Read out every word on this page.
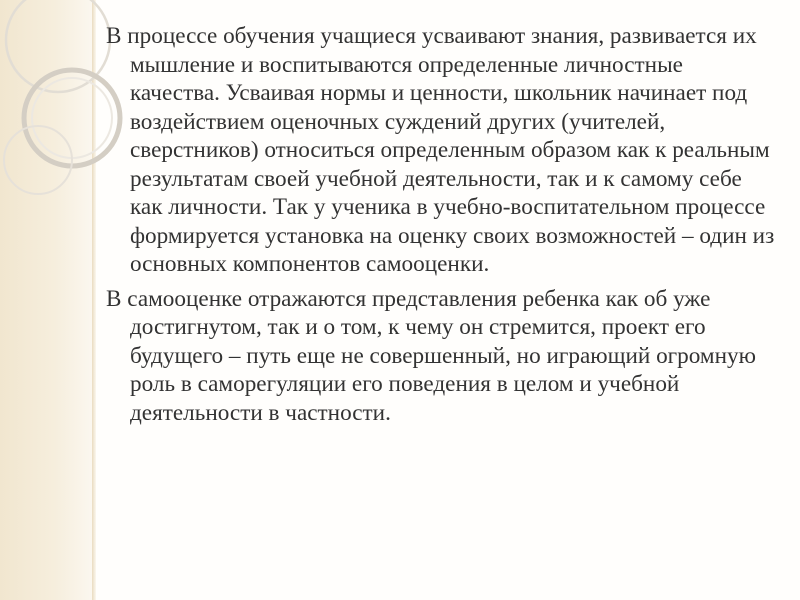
В процессе обучения учащиеся усваивают знания, развивается их мышление и воспитываются определенные личностные качества. Усваивая нормы и ценности, школьник начинает под воздействием оценочных суждений других (учителей, сверстников) относиться определенным образом как к реальным результатам своей учебной деятельности, так и к самому себе как личности. Так у ученика в учебно-воспитательном процессе формируется установка на оценку своих возможностей – один из основных компонентов самооценки.

В самооценке отражаются представления ребенка как об уже достигнутом, так и о том, к чему он стремится, проект его будущего – путь еще не совершенный, но играющий огромную роль в саморегуляции его поведения в целом и учебной деятельности в частности.
